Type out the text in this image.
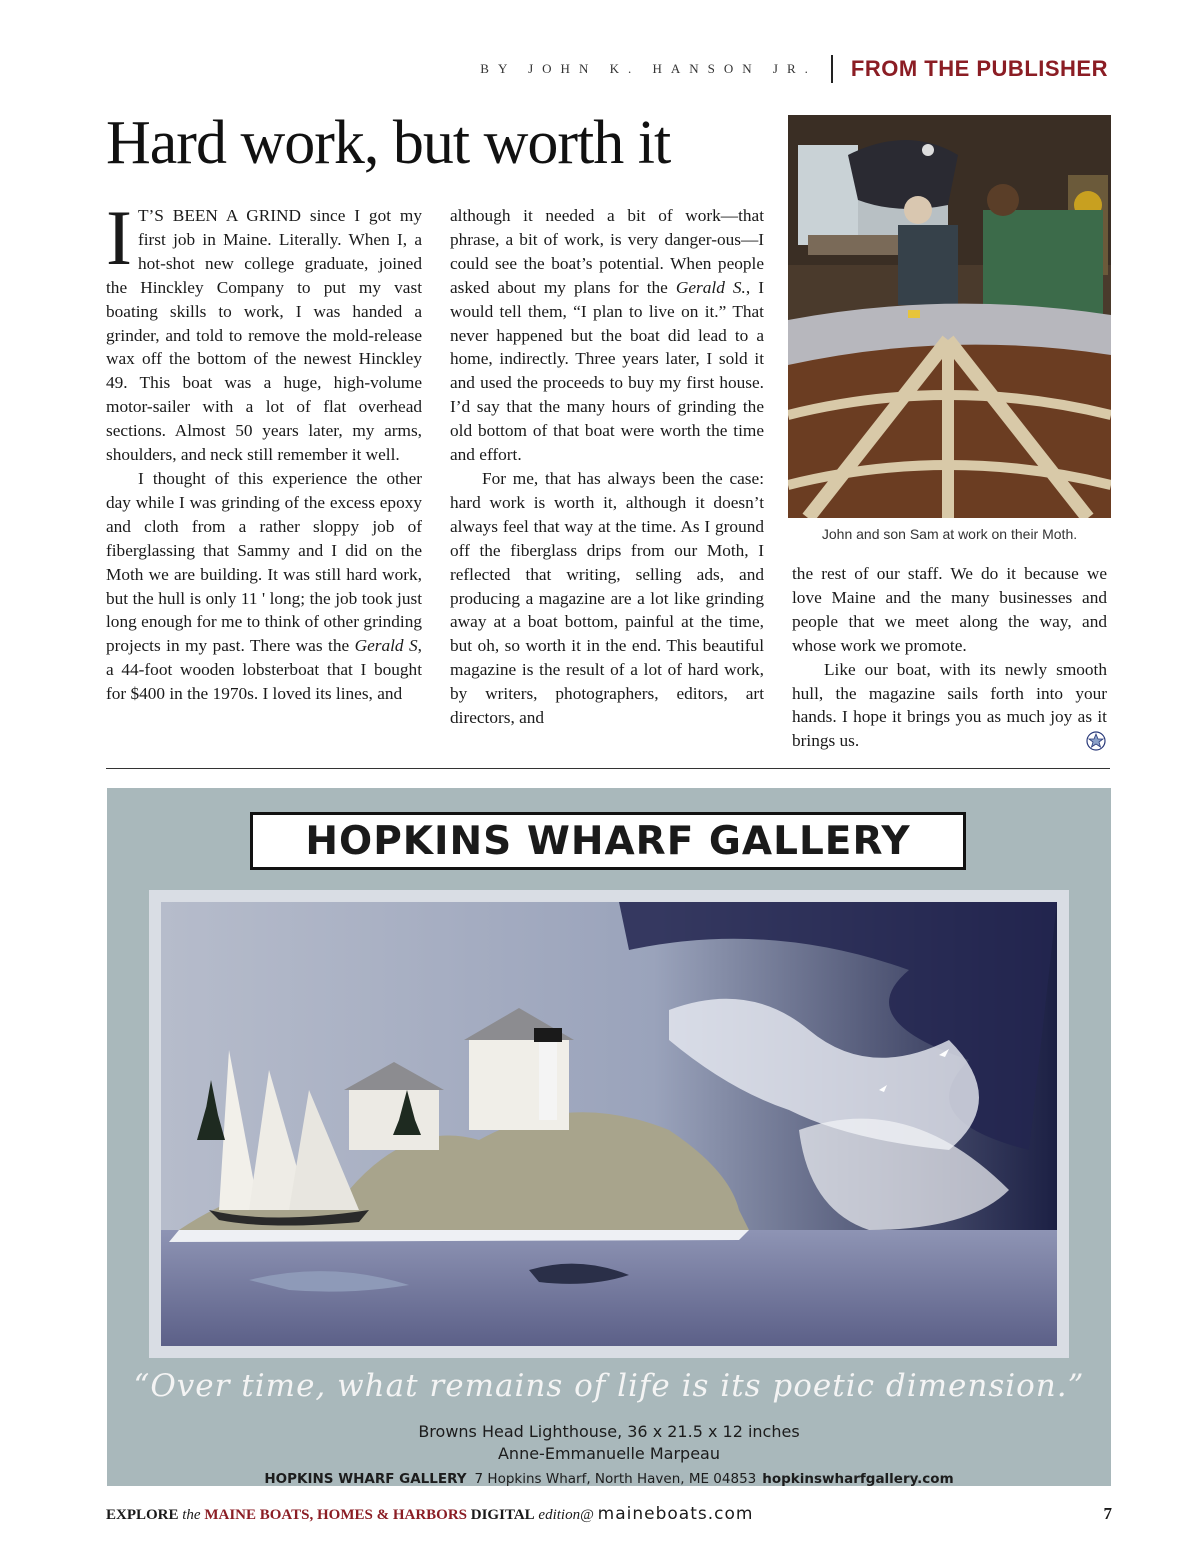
BY JOHN K. HANSON JR. FROM THE PUBLISHER
Hard work, but worth it

I T’S BEEN A GRIND since I got my first job in Maine. Literally. When I, a hot-shot new college graduate, joined the Hinckley Company to put my vast boating skills to work, I was handed a grinder, and told to remove the mold-release wax off the bottom of the newest Hinckley 49. This boat was a huge, high-volume motor-sailer with a lot of flat overhead sections. Almost 50 years later, my arms, shoulders, and neck still remember it well.

I thought of this experience the other day while I was grinding of the excess epoxy and cloth from a rather sloppy job of fiberglassing that Sammy and I did on the Moth we are building. It was still hard work, but the hull is only 11 ' long; the job took just long enough for me to think of other grinding projects in my past. There was the Gerald S, a 44-foot wooden lobsterboat that I bought for $400 in the 1970s. I loved its lines, and

although it needed a bit of work—that phrase, a bit of work, is very danger-ous—I could see the boat’s potential. When people asked about my plans for the Gerald S., I would tell them, “I plan to live on it.” That never happened but the boat did lead to a home, indirectly. Three years later, I sold it and used the proceeds to buy my first house. I’d say that the many hours of grinding the old bottom of that boat were worth the time and effort.

For me, that has always been the case: hard work is worth it, although it doesn’t always feel that way at the time. As I ground off the fiberglass drips from our Moth, I reflected that writing, selling ads, and producing a magazine are a lot like grinding away at a boat bottom, painful at the time, but oh, so worth it in the end. This beautiful magazine is the result of a lot of hard work, by writers, photographers, editors, art directors, and

John and son Sam at work on their Moth.

the rest of our staff. We do it because we love Maine and the many businesses and people that we meet along the way, and whose work we promote.

Like our boat, with its newly smooth hull, the magazine sails forth into your hands. I hope it brings you as much joy as it brings us.

HOPKINS WHARF GALLERY
“Over time, what remains of life is its poetic dimension.”
Browns Head Lighthouse, 36 x 21.5 x 12 inches
Anne-Emmanuelle Marpeau
HOPKINS WHARF GALLERY 7 Hopkins Wharf, North Haven, ME 04853 hopkinswharfgallery.com
EXPLORE the MAINE BOATS, HOMES & HARBORS DIGITAL edition@ maineboats.com	7
